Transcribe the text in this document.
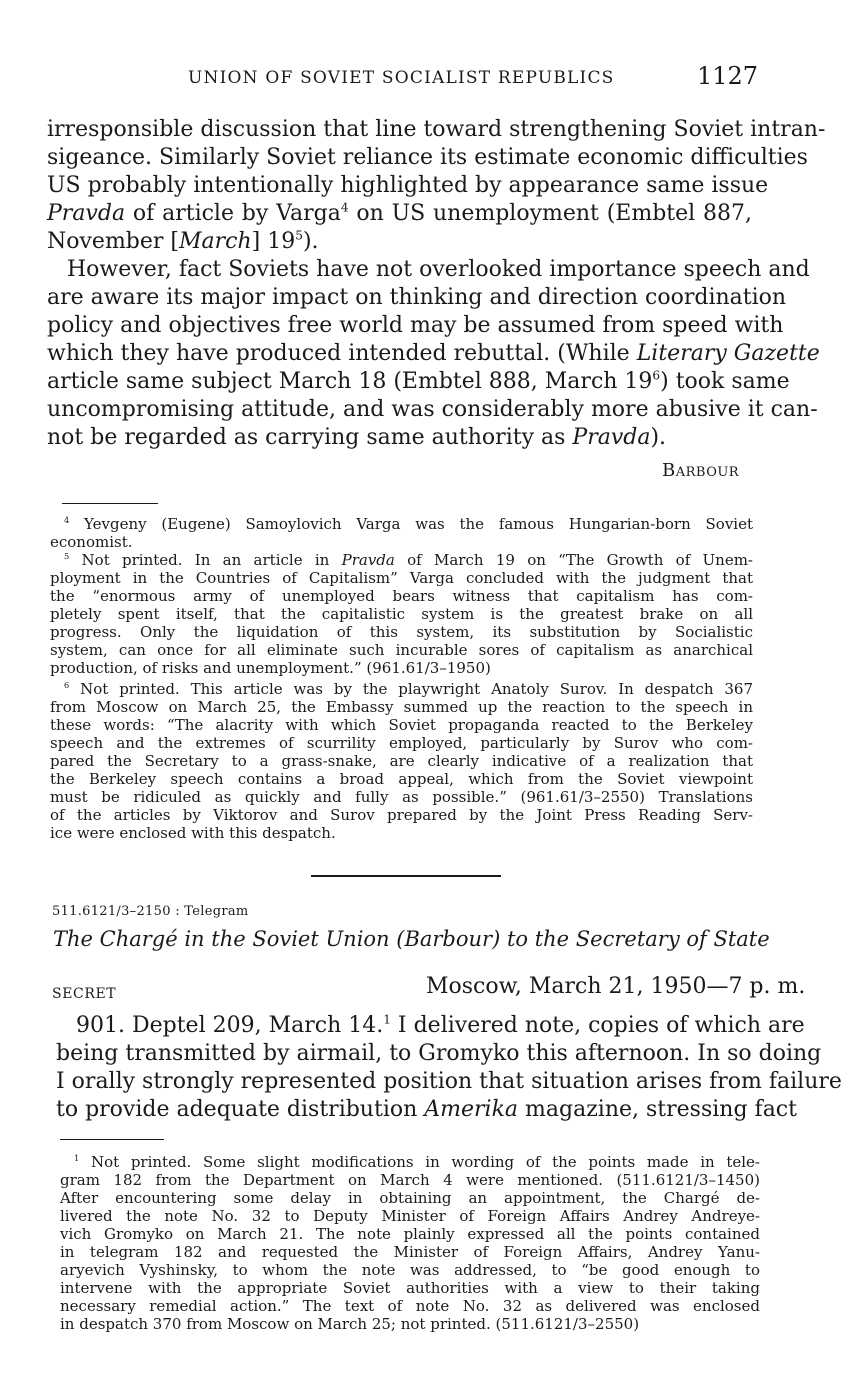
UNION OF SOVIET SOCIALIST REPUBLICS	1127
irresponsible discussion that line toward strengthening Soviet intran-
sigeance. Similarly Soviet reliance its estimate economic difficulties
US probably intentionally highlighted by appearance same issue
Pravda of article by Varga$^4$ on US unemployment (Embtel 887,
November [March] $19^5$).
However, fact Soviets have not overlooked importance speech and
are aware its major impact on thinking and direction coordination
policy and objectives free world may be assumed from speed with
which they have produced intended rebuttal. (While Literary Gazette
article same subject March 18 (Embtel 888, March $19^6$) took same
uncompromising attitude, and was considerably more abusive it can-
not be regarded as carrying same authority as Pravda).
Barbour
$^4$ Yevgeny (Eugene) Samoylovich Varga was the famous Hungarian-born Soviet
economist.
$^5$ Not printed. In an article in Pravda of March 19 on “The Growth of Unem-
ployment in the Countries of Capitalism” Varga concluded with the judgment that
the “enormous army of unemployed bears witness that capitalism has com-
pletely spent itself, that the capitalistic system is the greatest brake on all
progress. Only the liquidation of this system, its substitution by Socialistic
system, can once for all eliminate such incurable sores of capitalism as anarchical
production, of risks and unemployment.” (961.61/3–1950)
$^6$ Not printed. This article was by the playwright Anatoly Surov. In despatch 367
from Moscow on March 25, the Embassy summed up the reaction to the speech in
these words: “The alacrity with which Soviet propaganda reacted to the Berkeley
speech and the extremes of scurrility employed, particularly by Surov who com-
pared the Secretary to a grass-snake, are clearly indicative of a realization that
the Berkeley speech contains a broad appeal, which from the Soviet viewpoint
must be ridiculed as quickly and fully as possible.” (961.61/3–2550) Translations
of the articles by Viktorov and Surov prepared by the Joint Press Reading Serv-
ice were enclosed with this despatch.
511.6121/3–2150 : Telegram
The Chargé in the Soviet Union (Barbour) to the Secretary of State
SECRET	Moscow, March 21, 1950—7 p. m.
901. Deptel 209, March 14.$^1$ I delivered note, copies of which are
being transmitted by airmail, to Gromyko this afternoon. In so doing
I orally strongly represented position that situation arises from failure
to provide adequate distribution Amerika magazine, stressing fact
$^1$ Not printed. Some slight modifications in wording of the points made in tele-
gram 182 from the Department on March 4 were mentioned. (511.6121/3–1450)
After encountering some delay in obtaining an appointment, the Chargé de-
livered the note No. 32 to Deputy Minister of Foreign Affairs Andrey Andreye-
vich Gromyko on March 21. The note plainly expressed all the points contained
in telegram 182 and requested the Minister of Foreign Affairs, Andrey Yanu-
aryevich Vyshinsky, to whom the note was addressed, to “be good enough to
intervene with the appropriate Soviet authorities with a view to their taking
necessary remedial action.” The text of note No. 32 as delivered was enclosed
in despatch 370 from Moscow on March 25; not printed. (511.6121/3–2550)
